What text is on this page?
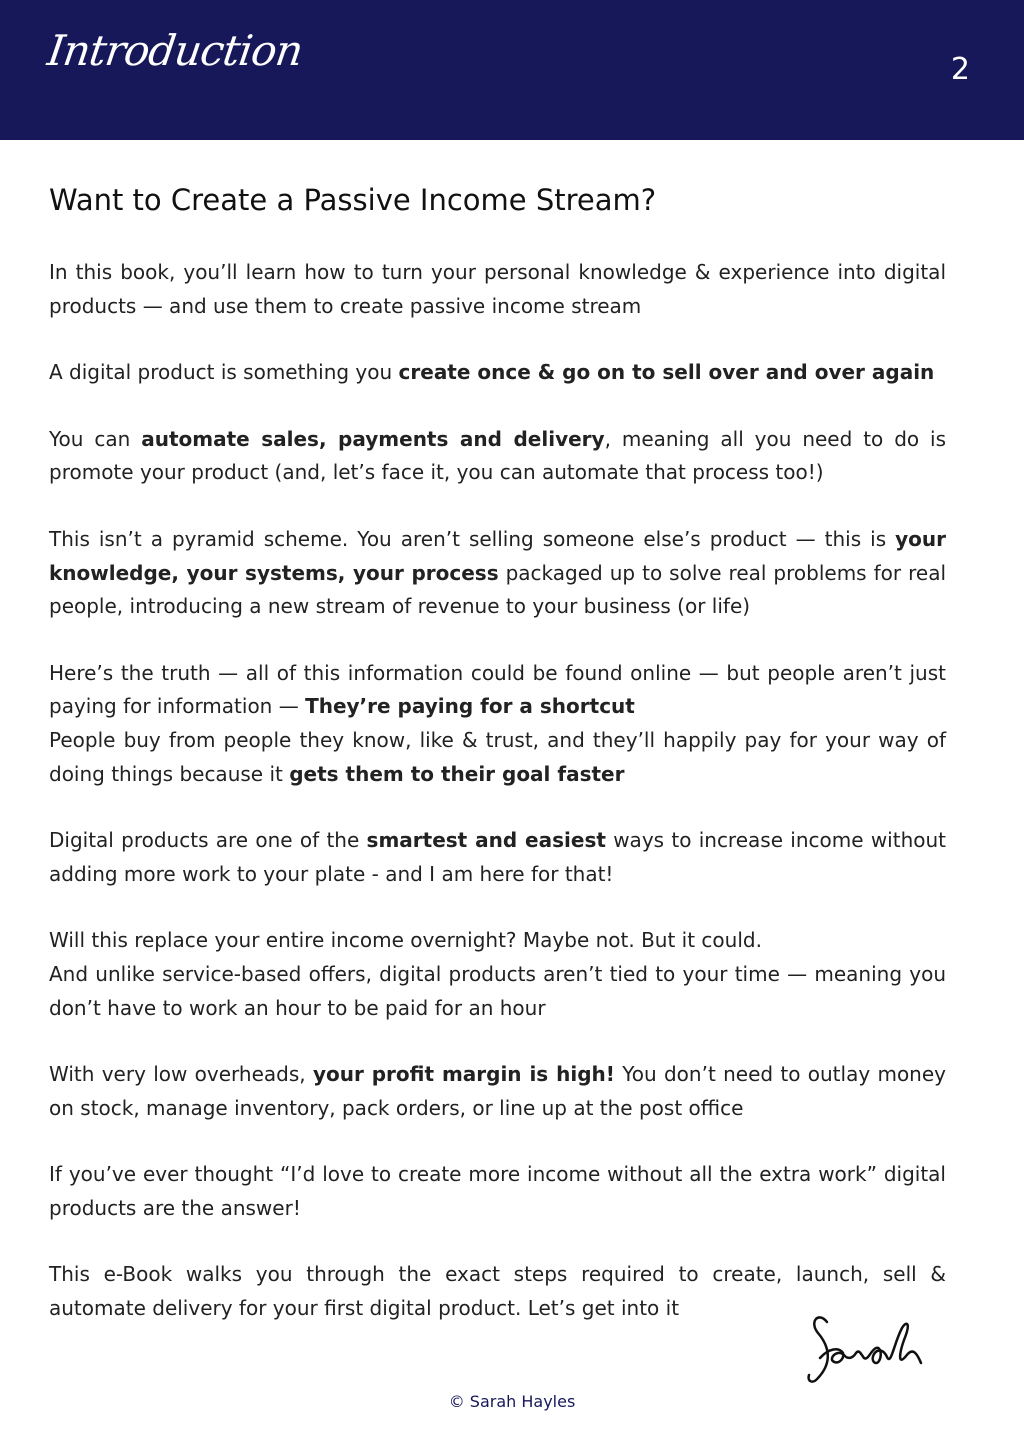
Introduction	2
Want to Create a Passive Income Stream?

In this book, you’ll learn how to turn your personal knowledge & experience into digital products — and use them to create passive income stream

A digital product is something you create once & go on to sell over and over again

You can automate sales, payments and delivery, meaning all you need to do is promote your product (and, let’s face it, you can automate that process too!)

This isn’t a pyramid scheme. You aren’t selling someone else’s product — this is your knowledge, your systems, your process packaged up to solve real problems for real people, introducing a new stream of revenue to your business (or life)

Here’s the truth — all of this information could be found online — but people aren’t just paying for information — They’re paying for a shortcut
People buy from people they know, like & trust, and they’ll happily pay for your way of doing things because it gets them to their goal faster

Digital products are one of the smartest and easiest ways to increase income without adding more work to your plate - and I am here for that!

Will this replace your entire income overnight? Maybe not. But it could.
And unlike service-based offers, digital products aren’t tied to your time — meaning you don’t have to work an hour to be paid for an hour

With very low overheads, your profit margin is high! You don’t need to outlay money on stock, manage inventory, pack orders, or line up at the post office

If you’ve ever thought “I’d love to create more income without all the extra work” digital products are the answer!

This e-Book walks you through the exact steps required to create, launch, sell & automate delivery for your first digital product. Let’s get into it

© Sarah Hayles
